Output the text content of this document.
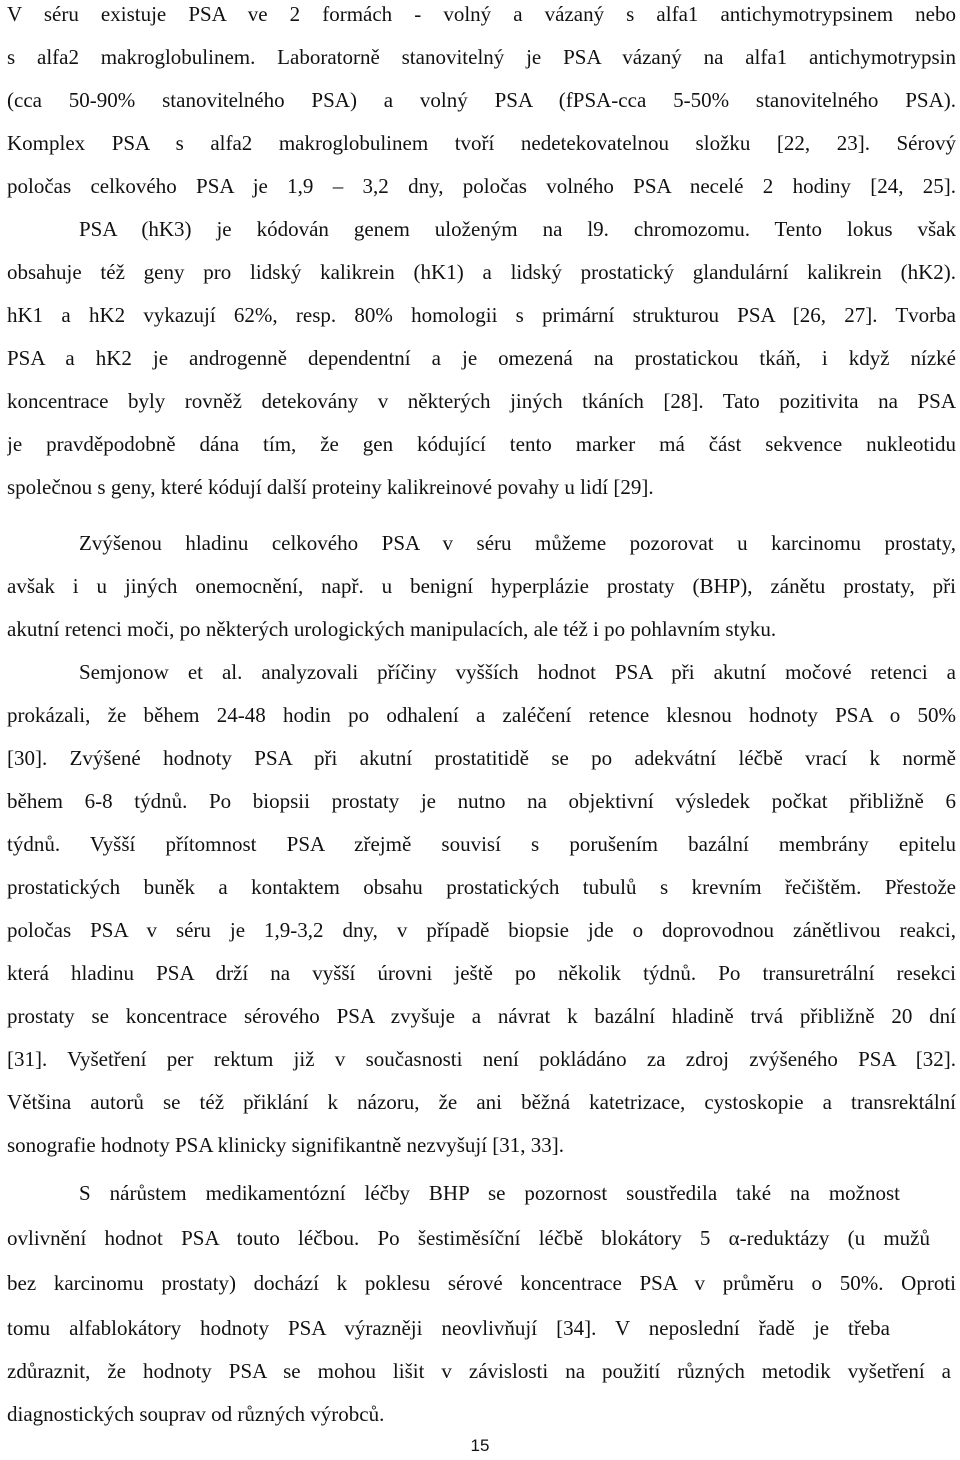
V séru existuje PSA ve 2 formách - volný a vázaný s alfa1 antichymotrypsinem nebo
s alfa2 makroglobulinem. Laboratorně stanovitelný je PSA vázaný na alfa1 antichymotrypsin
(cca 50-90% stanovitelného PSA) a volný PSA (fPSA-cca 5-50% stanovitelného PSA).
Komplex PSA s alfa2 makroglobulinem tvoří nedetekovatelnou složku [22, 23]. Sérový
poločas celkového PSA je 1,9 – 3,2 dny, poločas volného PSA necelé 2 hodiny [24, 25].
PSA (hK3) je kódován genem uloženým na l9. chromozomu. Tento lokus však
obsahuje též geny pro lidský kalikrein (hK1) a lidský prostatický glandulární kalikrein (hK2).
hK1 a hK2 vykazují 62%, resp. 80% homologii s primární strukturou PSA [26, 27]. Tvorba
PSA a hK2 je androgenně dependentní a je omezená na prostatickou tkáň, i když nízké
koncentrace byly rovněž detekovány v některých jiných tkáních [28]. Tato pozitivita na PSA
je pravděpodobně dána tím, že gen kódující tento marker má část sekvence nukleotidu
společnou s geny, které kódují další proteiny kalikreinové povahy u lidí [29].
Zvýšenou hladinu celkového PSA v séru můžeme pozorovat u karcinomu prostaty,
avšak i u jiných onemocnění, např. u benigní hyperplázie prostaty (BHP), zánětu prostaty, při
akutní retenci moči, po některých urologických manipulacích, ale též i po pohlavním styku.
Semjonow et al. analyzovali příčiny vyšších hodnot PSA při akutní močové retenci a
prokázali, že během 24-48 hodin po odhalení a zaléčení retence klesnou hodnoty PSA o 50%
[30]. Zvýšené hodnoty PSA při akutní prostatitidě se po adekvátní léčbě vrací k normě
během 6-8 týdnů. Po biopsii prostaty je nutno na objektivní výsledek počkat přibližně 6
týdnů. Vyšší přítomnost PSA zřejmě souvisí s porušením bazální membrány epitelu
prostatických buněk a kontaktem obsahu prostatických tubulů s krevním řečištěm. Přestože
poločas PSA v séru je 1,9-3,2 dny, v případě biopsie jde o doprovodnou zánětlivou reakci,
která hladinu PSA drží na vyšší úrovni ještě po několik týdnů. Po transuretrální resekci
prostaty se koncentrace sérového PSA zvyšuje a návrat k bazální hladině trvá přibližně 20 dní
[31]. Vyšetření per rektum již v současnosti není pokládáno za zdroj zvýšeného PSA [32].
Většina autorů se též přiklání k názoru, že ani běžná katetrizace, cystoskopie a transrektální
sonografie hodnoty PSA klinicky signifikantně nezvyšují [31, 33].
S nárůstem medikamentózní léčby BHP se pozornost soustředila také na možnost
ovlivnění hodnot PSA touto léčbou. Po šestiměsíční léčbě blokátory 5 α-reduktázy (u mužů
bez karcinomu prostaty) dochází k poklesu sérové koncentrace PSA v průměru o 50%. Oproti
tomu alfablokátory hodnoty PSA výrazněji neovlivňují [34]. V neposlední řadě je třeba
zdůraznit, že hodnoty PSA se mohou lišit v závislosti na použití různých metodik vyšetření a
diagnostických souprav od různých výrobců.
15
